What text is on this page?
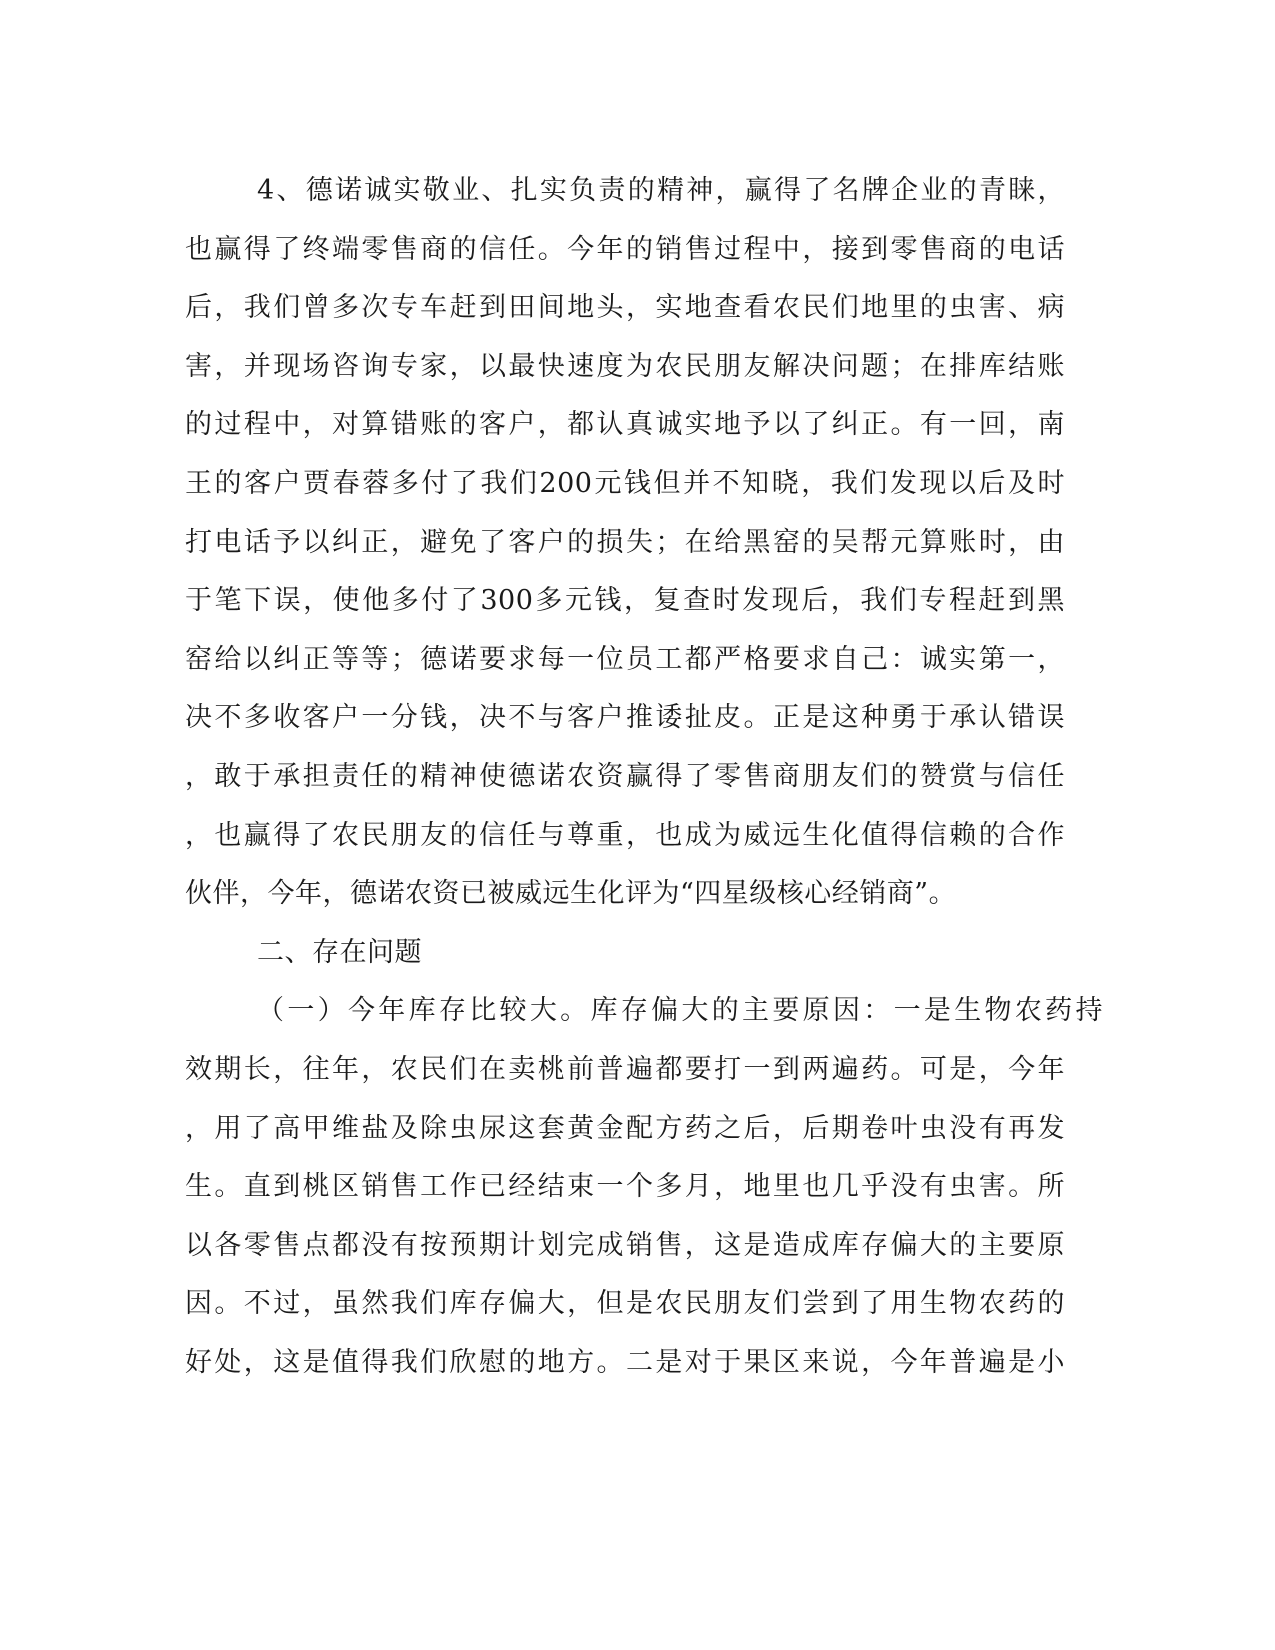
4、德诺诚实敬业、扎实负责的精神，赢得了名牌企业的青睐，
也赢得了终端零售商的信任。今年的销售过程中，接到零售商的电话
后，我们曾多次专车赶到田间地头，实地查看农民们地里的虫害、病
害，并现场咨询专家，以最快速度为农民朋友解决问题；在排库结账
的过程中，对算错账的客户，都认真诚实地予以了纠正。有一回，南
王的客户贾春蓉多付了我们200元钱但并不知晓，我们发现以后及时
打电话予以纠正，避免了客户的损失；在给黑窑的吴帮元算账时，由
于笔下误，使他多付了300多元钱，复查时发现后，我们专程赶到黑
窑给以纠正等等；德诺要求每一位员工都严格要求自己：诚实第一，
决不多收客户一分钱，决不与客户推诿扯皮。正是这种勇于承认错误
，敢于承担责任的精神使德诺农资赢得了零售商朋友们的赞赏与信任
，也赢得了农民朋友的信任与尊重，也成为威远生化值得信赖的合作
伙伴，今年，德诺农资已被威远生化评为“四星级核心经销商”。
二、存在问题
（一）今年库存比较大。库存偏大的主要原因：一是生物农药持
效期长，往年，农民们在卖桃前普遍都要打一到两遍药。可是，今年
，用了高甲维盐及除虫尿这套黄金配方药之后，后期卷叶虫没有再发
生。直到桃区销售工作已经结束一个多月，地里也几乎没有虫害。所
以各零售点都没有按预期计划完成销售，这是造成库存偏大的主要原
因。不过，虽然我们库存偏大，但是农民朋友们尝到了用生物农药的
好处，这是值得我们欣慰的地方。二是对于果区来说，今年普遍是小
